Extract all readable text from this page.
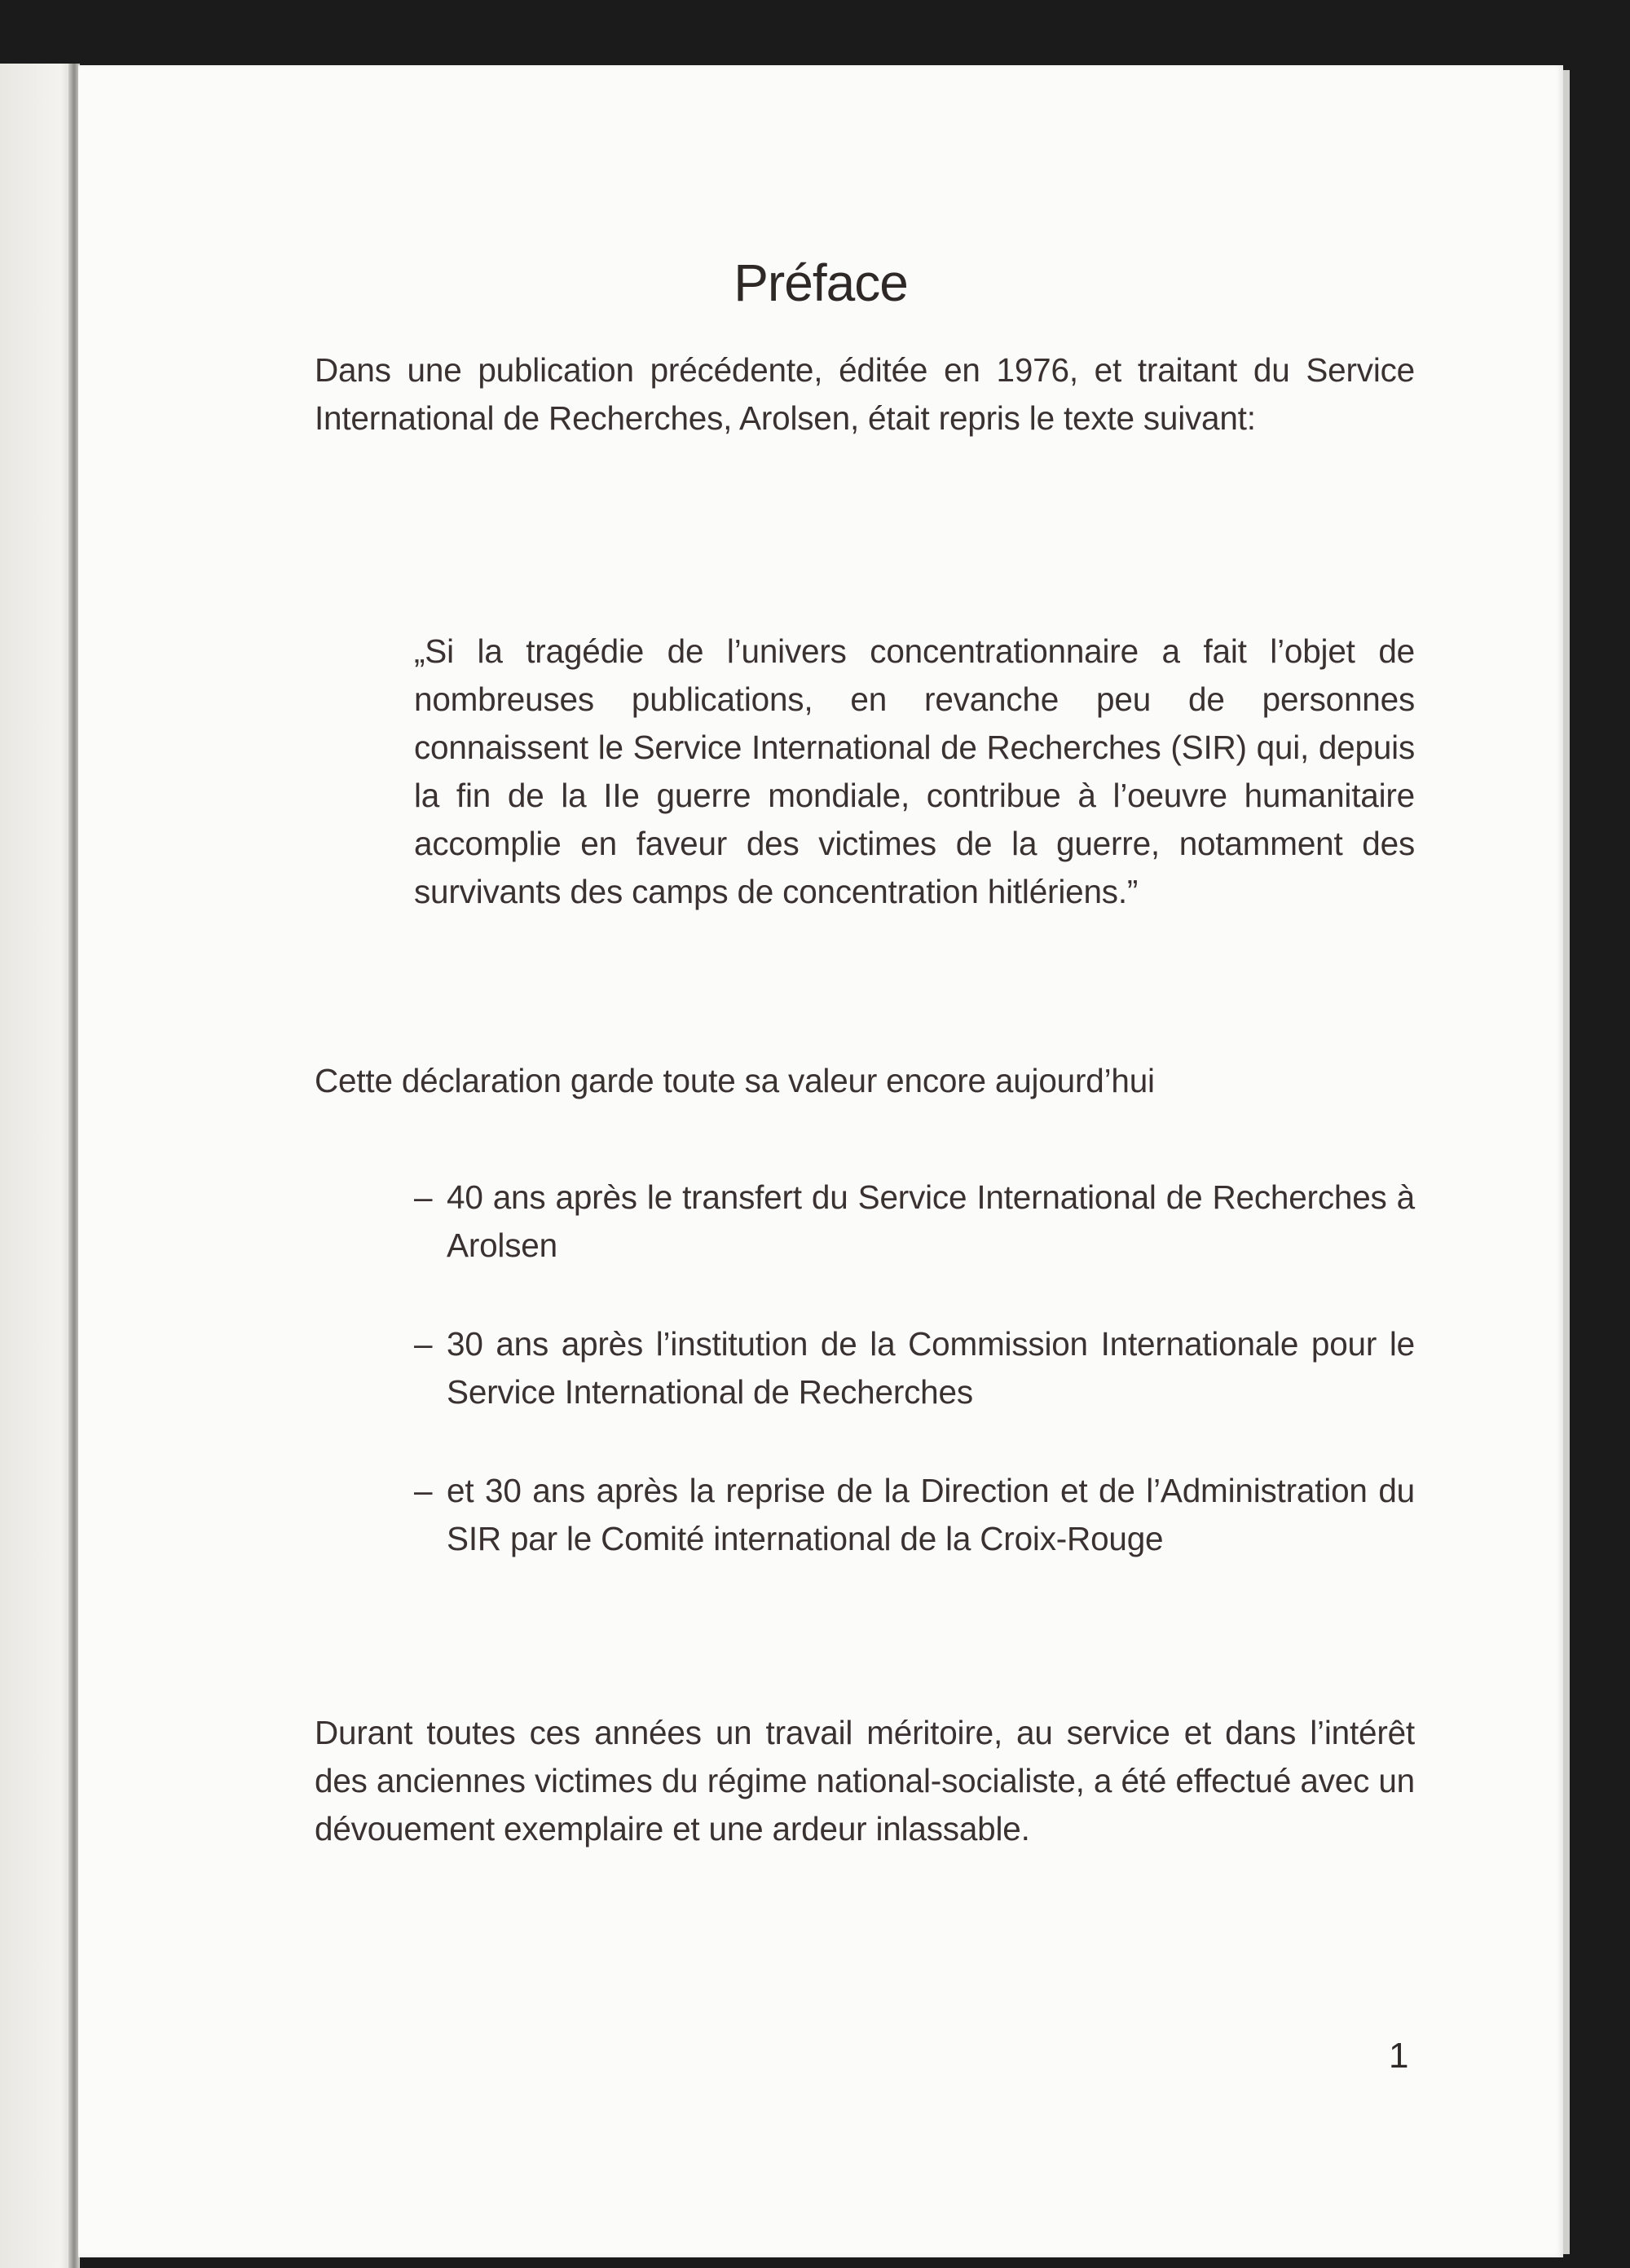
Préface

Dans une publication précédente, éditée en 1976, et traitant du Service International de Recherches, Arolsen, était repris le texte suivant:

„Si la tragédie de l’univers concentrationnaire a fait l’objet de nombreuses publications, en revanche peu de personnes connaissent le Service International de Recherches (SIR) qui, depuis la fin de la IIe guerre mondiale, contribue à l’oeuvre humanitaire accomplie en faveur des victimes de la guerre, notamment des survivants des camps de concentration hitlériens.”

Cette déclaration garde toute sa valeur encore aujourd’hui

– 40 ans après le transfert du Service International de Recherches à Arolsen
– 30 ans après l’institution de la Commission Internationale pour le Service International de Recherches
– et 30 ans après la reprise de la Direction et de l’Administration du SIR par le Comité international de la Croix-Rouge

Durant toutes ces années un travail méritoire, au service et dans l’intérêt des anciennes victimes du régime national-socialiste, a été effectué avec un dévouement exemplaire et une ardeur inlassable.

1
